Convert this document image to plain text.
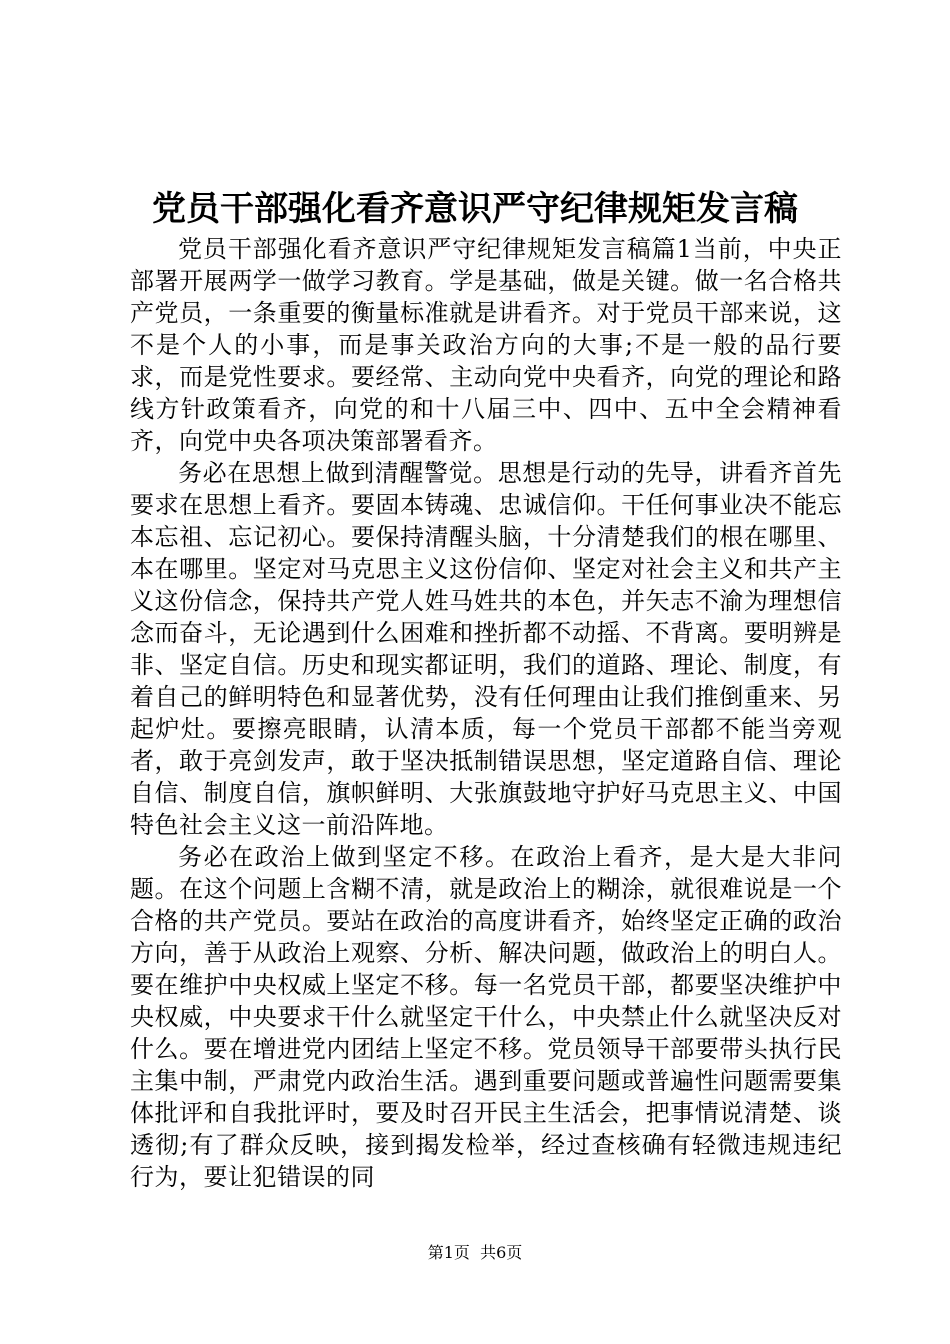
党员干部强化看齐意识严守纪律规矩发言稿

党员干部强化看齐意识严守纪律规矩发言稿篇1当前，中央正部署开展两学一做学习教育。学是基础，做是关键。做一名合格共产党员，一条重要的衡量标准就是讲看齐。对于党员干部来说，这不是个人的小事，而是事关政治方向的大事;不是一般的品行要求，而是党性要求。要经常、主动向党中央看齐，向党的理论和路线方针政策看齐，向党的和十八届三中、四中、五中全会精神看齐，向党中央各项决策部署看齐。

务必在思想上做到清醒警觉。思想是行动的先导，讲看齐首先要求在思想上看齐。要固本铸魂、忠诚信仰。干任何事业决不能忘本忘祖、忘记初心。要保持清醒头脑，十分清楚我们的根在哪里、本在哪里。坚定对马克思主义这份信仰、坚定对社会主义和共产主义这份信念，保持共产党人姓马姓共的本色，并矢志不渝为理想信念而奋斗，无论遇到什么困难和挫折都不动摇、不背离。要明辨是非、坚定自信。历史和现实都证明，我们的道路、理论、制度，有着自己的鲜明特色和显著优势，没有任何理由让我们推倒重来、另起炉灶。要擦亮眼睛，认清本质，每一个党员干部都不能当旁观者，敢于亮剑发声，敢于坚决抵制错误思想，坚定道路自信、理论自信、制度自信，旗帜鲜明、大张旗鼓地守护好马克思主义、中国特色社会主义这一前沿阵地。

务必在政治上做到坚定不移。在政治上看齐，是大是大非问题。在这个问题上含糊不清，就是政治上的糊涂，就很难说是一个合格的共产党员。要站在政治的高度讲看齐，始终坚定正确的政治方向，善于从政治上观察、分析、解决问题，做政治上的明白人。要在维护中央权威上坚定不移。每一名党员干部，都要坚决维护中央权威，中央要求干什么就坚定干什么，中央禁止什么就坚决反对什么。要在增进党内团结上坚定不移。党员领导干部要带头执行民主集中制，严肃党内政治生活。遇到重要问题或普遍性问题需要集体批评和自我批评时，要及时召开民主生活会，把事情说清楚、谈透彻;有了群众反映，接到揭发检举，经过查核确有轻微违规违纪行为，要让犯错误的同

第1页 共6页
